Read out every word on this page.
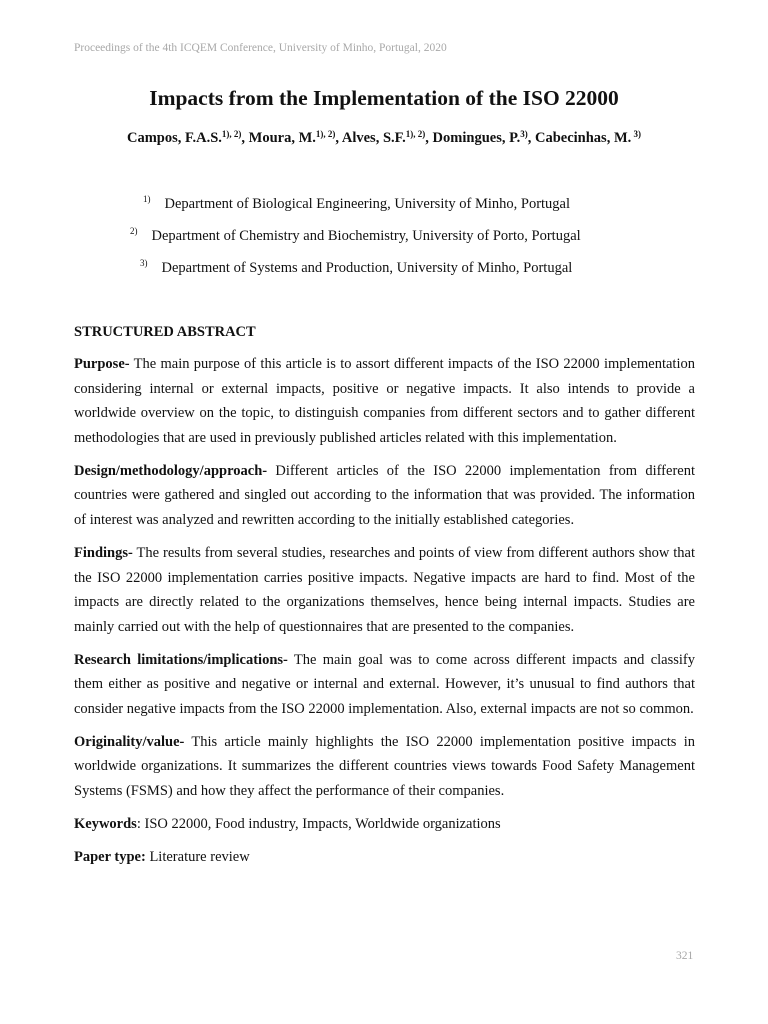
Proceedings of the 4th ICQEM Conference, University of Minho, Portugal, 2020
Impacts from the Implementation of the ISO 22000
Campos, F.A.S.$^{1), 2)}$, Moura, M.$^{1), 2)}$, Alves, S.F.$^{1), 2)}$, Domingues, P.$^{3)}$, Cabecinhas, M. $^{3)}$
$^{1)}$ Department of Biological Engineering, University of Minho, Portugal
$^{2)}$ Department of Chemistry and Biochemistry, University of Porto, Portugal
$^{3)}$ Department of Systems and Production, University of Minho, Portugal
STRUCTURED ABSTRACT

Purpose- The main purpose of this article is to assort different impacts of the ISO 22000 implementation considering internal or external impacts, positive or negative impacts. It also intends to provide a worldwide overview on the topic, to distinguish companies from different sectors and to gather different methodologies that are used in previously published articles related with this implementation.

Design/methodology/approach- Different articles of the ISO 22000 implementation from different countries were gathered and singled out according to the information that was provided. The information of interest was analyzed and rewritten according to the initially established categories.

Findings- The results from several studies, researches and points of view from different authors show that the ISO 22000 implementation carries positive impacts. Negative impacts are hard to find. Most of the impacts are directly related to the organizations themselves, hence being internal impacts. Studies are mainly carried out with the help of questionnaires that are presented to the companies.

Research limitations/implications- The main goal was to come across different impacts and classify them either as positive and negative or internal and external. However, it’s unusual to find authors that consider negative impacts from the ISO 22000 implementation. Also, external impacts are not so common.

Originality/value- This article mainly highlights the ISO 22000 implementation positive impacts in worldwide organizations. It summarizes the different countries views towards Food Safety Management Systems (FSMS) and how they affect the performance of their companies.

Keywords: ISO 22000, Food industry, Impacts, Worldwide organizations

Paper type: Literature review

321
